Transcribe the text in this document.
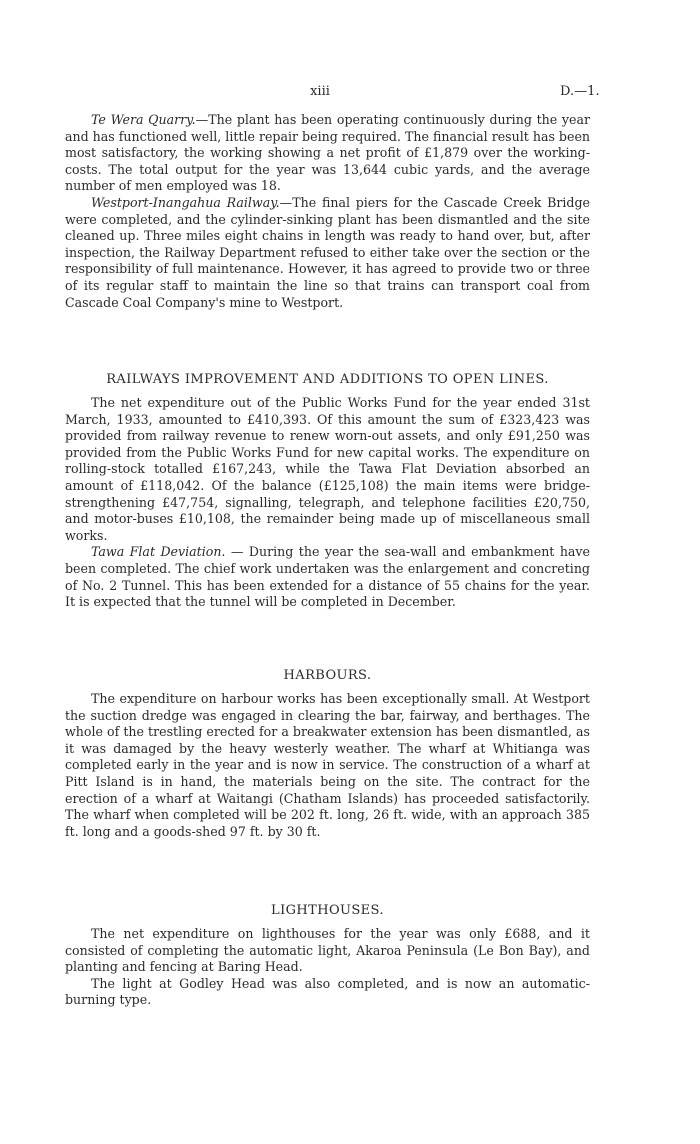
xiii	D.—1.

Te Wera Quarry.—The plant has been operating continuously during the year and has functioned well, little repair being required. The financial result has been most satisfactory, the working showing a net profit of £1,879 over the working-costs. The total output for the year was 13,644 cubic yards, and the average number of men employed was 18.

Westport-Inangahua Railway.—The final piers for the Cascade Creek Bridge were completed, and the cylinder-sinking plant has been dismantled and the site cleaned up. Three miles eight chains in length was ready to hand over, but, after inspection, the Railway Department refused to either take over the section or the responsibility of full maintenance. However, it has agreed to provide two or three of its regular staff to maintain the line so that trains can transport coal from Cascade Coal Company's mine to Westport.

RAILWAYS IMPROVEMENT AND ADDITIONS TO OPEN LINES.

The net expenditure out of the Public Works Fund for the year ended 31st March, 1933, amounted to £410,393. Of this amount the sum of £323,423 was provided from railway revenue to renew worn-out assets, and only £91,250 was provided from the Public Works Fund for new capital works. The expenditure on rolling-stock totalled £167,243, while the Tawa Flat Deviation absorbed an amount of £118,042. Of the balance (£125,108) the main items were bridge-strengthening £47,754, signalling, telegraph, and telephone facilities £20,750, and motor-buses £10,108, the remainder being made up of miscellaneous small works.

Tawa Flat Deviation. — During the year the sea-wall and embankment have been completed. The chief work undertaken was the enlargement and concreting of No. 2 Tunnel. This has been extended for a distance of 55 chains for the year. It is expected that the tunnel will be completed in December.

HARBOURS.

The expenditure on harbour works has been exceptionally small. At Westport the suction dredge was engaged in clearing the bar, fairway, and berthages. The whole of the trestling erected for a breakwater extension has been dismantled, as it was damaged by the heavy westerly weather. The wharf at Whitianga was completed early in the year and is now in service. The construction of a wharf at Pitt Island is in hand, the materials being on the site. The contract for the erection of a wharf at Waitangi (Chatham Islands) has proceeded satisfactorily. The wharf when completed will be 202 ft. long, 26 ft. wide, with an approach 385 ft. long and a goods-shed 97 ft. by 30 ft.

LIGHTHOUSES.

The net expenditure on lighthouses for the year was only £688, and it consisted of completing the automatic light, Akaroa Peninsula (Le Bon Bay), and planting and fencing at Baring Head.

The light at Godley Head was also completed, and is now an automatic-burning type.
